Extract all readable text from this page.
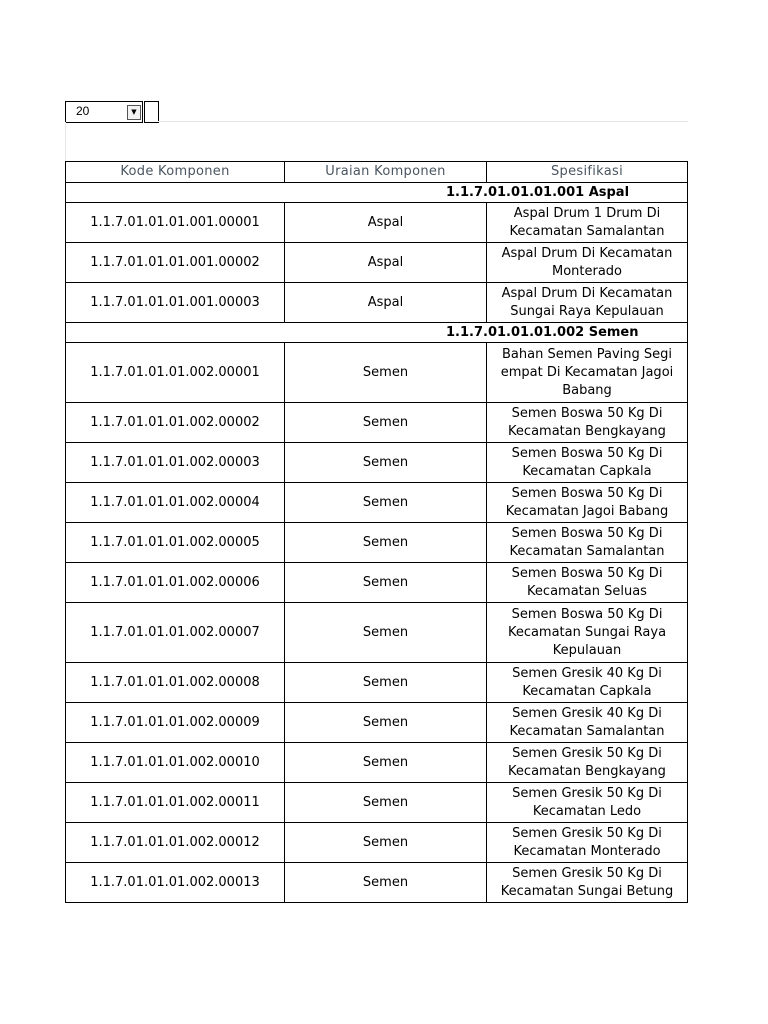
20	▼
Kode Komponen	Uraian Komponen	Spesifikasi
1.1.7.01.01.01.001 Aspal		
1.1.7.01.01.01.001.00001	Aspal	Aspal Drum 1 Drum Di
Kecamatan Samalantan

1.1.7.01.01.01.001.00002	Aspal	Aspal Drum Di Kecamatan
Monterado

1.1.7.01.01.01.001.00003	Aspal	Aspal Drum Di Kecamatan
Sungai Raya Kepulauan

1.1.7.01.01.01.002 Semen		
1.1.7.01.01.01.002.00001	Semen	Bahan Semen Paving Segi
empat Di Kecamatan Jagoi
Babang

1.1.7.01.01.01.002.00002	Semen	Semen Boswa 50 Kg Di
Kecamatan Bengkayang

1.1.7.01.01.01.002.00003	Semen	Semen Boswa 50 Kg Di
Kecamatan Capkala

1.1.7.01.01.01.002.00004	Semen	Semen Boswa 50 Kg Di
Kecamatan Jagoi Babang

1.1.7.01.01.01.002.00005	Semen	Semen Boswa 50 Kg Di
Kecamatan Samalantan

1.1.7.01.01.01.002.00006	Semen	Semen Boswa 50 Kg Di
Kecamatan Seluas

1.1.7.01.01.01.002.00007	Semen	Semen Boswa 50 Kg Di
Kecamatan Sungai Raya
Kepulauan

1.1.7.01.01.01.002.00008	Semen	Semen Gresik 40 Kg Di
Kecamatan Capkala

1.1.7.01.01.01.002.00009	Semen	Semen Gresik 40 Kg Di
Kecamatan Samalantan

1.1.7.01.01.01.002.00010	Semen	Semen Gresik 50 Kg Di
Kecamatan Bengkayang

1.1.7.01.01.01.002.00011	Semen	Semen Gresik 50 Kg Di
Kecamatan Ledo

1.1.7.01.01.01.002.00012	Semen	Semen Gresik 50 Kg Di
Kecamatan Monterado

1.1.7.01.01.01.002.00013	Semen	Semen Gresik 50 Kg Di
Kecamatan Sungai Betung
